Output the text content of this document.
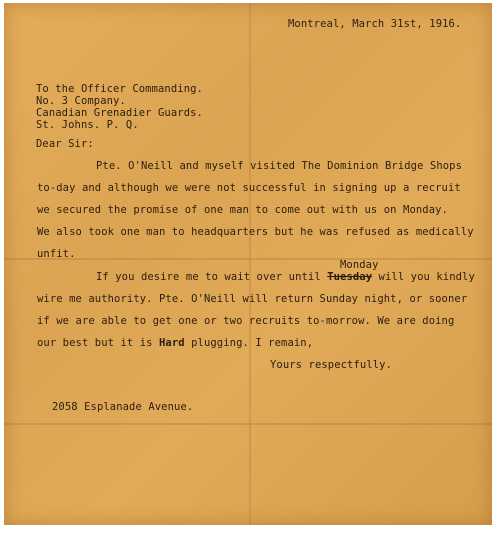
Montreal, March 31st, 1916.
To the Officer Commanding.
No. 3 Company.
Canadian Grenadier Guards.
St. Johns. P. Q.
Dear Sir:
Pte. O'Neill and myself visited The Dominion Bridge Shops
to-day and although we were not successful in signing up a recruit
we secured the promise of one man to come out with us on Monday.
We also took one man to headquarters but he was refused as medically
unfit.
Monday
If you desire me to wait over until Tuesday will you kindly
wire me authority. Pte. O'Neill will return Sunday night, or sooner
if we are able to get one or two recruits to-morrow. We are doing
our best but it is Hard plugging. I remain,
Yours respectfully.
2058 Esplanade Avenue.
